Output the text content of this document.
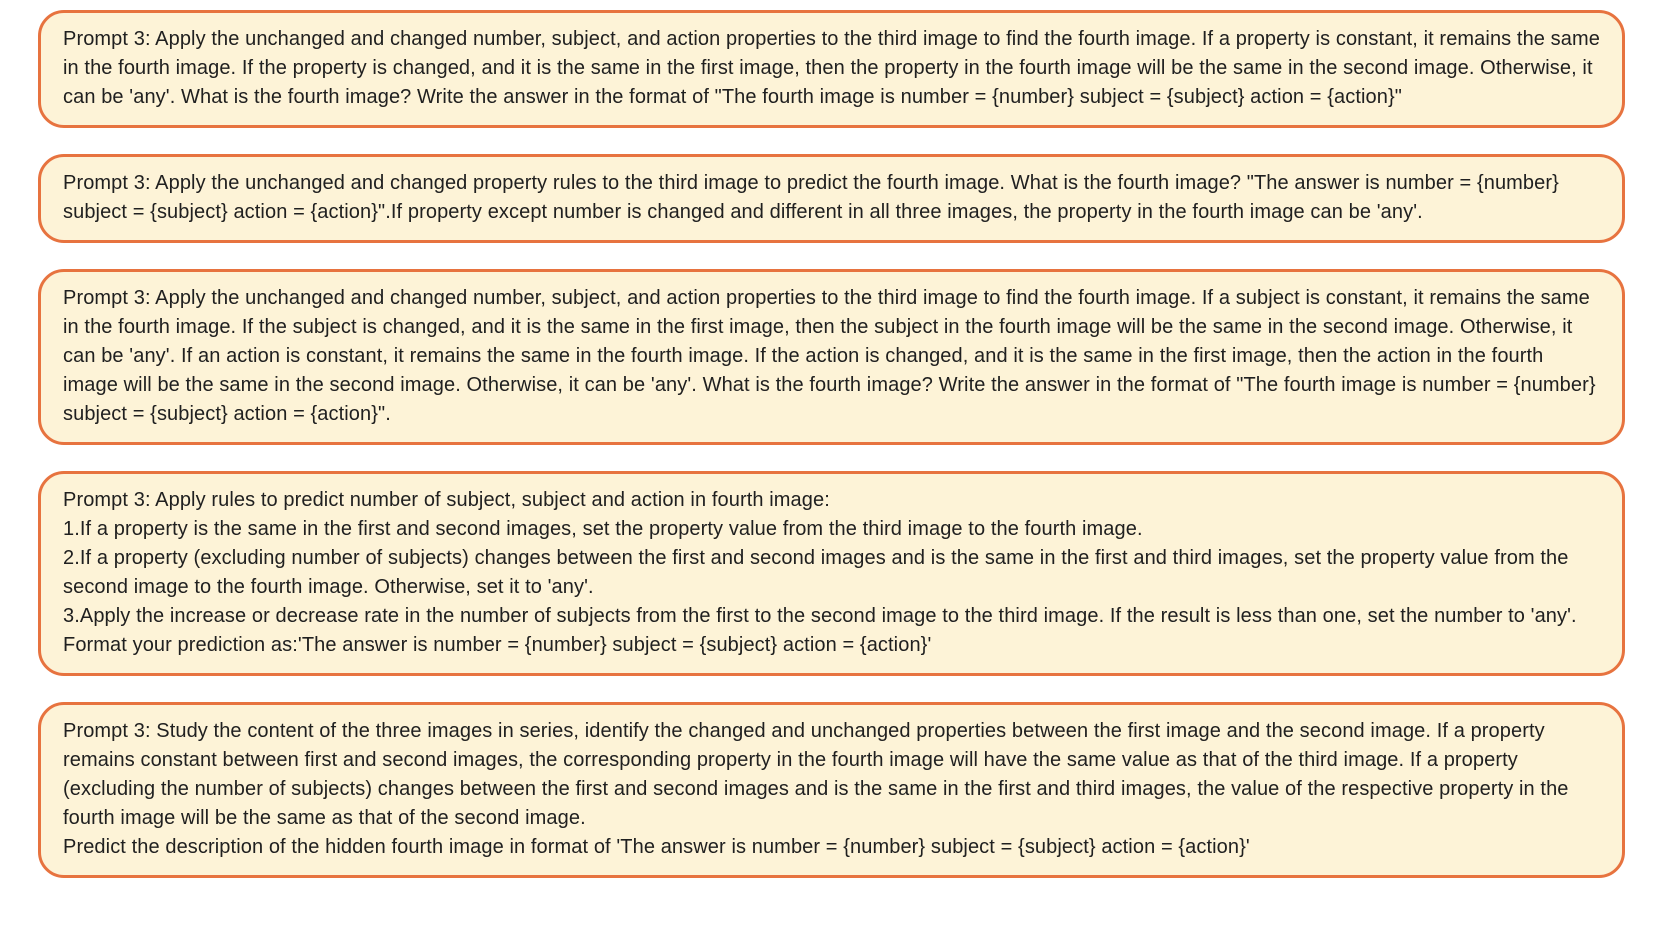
Prompt 3: Apply the unchanged and changed number, subject, and action properties to the third image to find the fourth image. If a property is constant, it remains the same in the fourth image. If the property is changed, and it is the same in the first image, then the property in the fourth image will be the same in the second image. Otherwise, it can be 'any'. What is the fourth image? Write the answer in the format of "The fourth image is number = {number} subject = {subject} action = {action}"
Prompt 3: Apply the unchanged and changed property rules to the third image to predict the fourth image. What is the fourth image? "The answer is number = {number} subject = {subject} action = {action}".If property except number is changed and different in all three images, the property in the fourth image can be 'any'.
Prompt 3: Apply the unchanged and changed number, subject, and action properties to the third image to find the fourth image. If a subject is constant, it remains the same in the fourth image. If the subject is changed, and it is the same in the first image, then the subject in the fourth image will be the same in the second image. Otherwise, it can be 'any'. If an action is constant, it remains the same in the fourth image. If the action is changed, and it is the same in the first image, then the action in the fourth image will be the same in the second image. Otherwise, it can be 'any'. What is the fourth image? Write the answer in the format of "The fourth image is number = {number} subject = {subject} action = {action}".
Prompt 3: Apply rules to predict number of subject, subject and action in fourth image:
1.If a property is the same in the first and second images, set the property value from the third image to the fourth image.
2.If a property (excluding number of subjects) changes between the first and second images and is the same in the first and third images, set the property value from the second image to the fourth image. Otherwise, set it to 'any'.
3.Apply the increase or decrease rate in the number of subjects from the first to the second image to the third image. If the result is less than one, set the number to 'any'.
Format your prediction as:'The answer is number = {number} subject = {subject} action = {action}'
Prompt 3: Study the content of the three images in series, identify the changed and unchanged properties between the first image and the second image. If a property remains constant between first and second images, the corresponding property in the fourth image will have the same value as that of the third image. If a property (excluding the number of subjects) changes between the first and second images and is the same in the first and third images, the value of the respective property in the fourth image will be the same as that of the second image.
Predict the description of the hidden fourth image in format of 'The answer is number = {number} subject = {subject} action = {action}'
